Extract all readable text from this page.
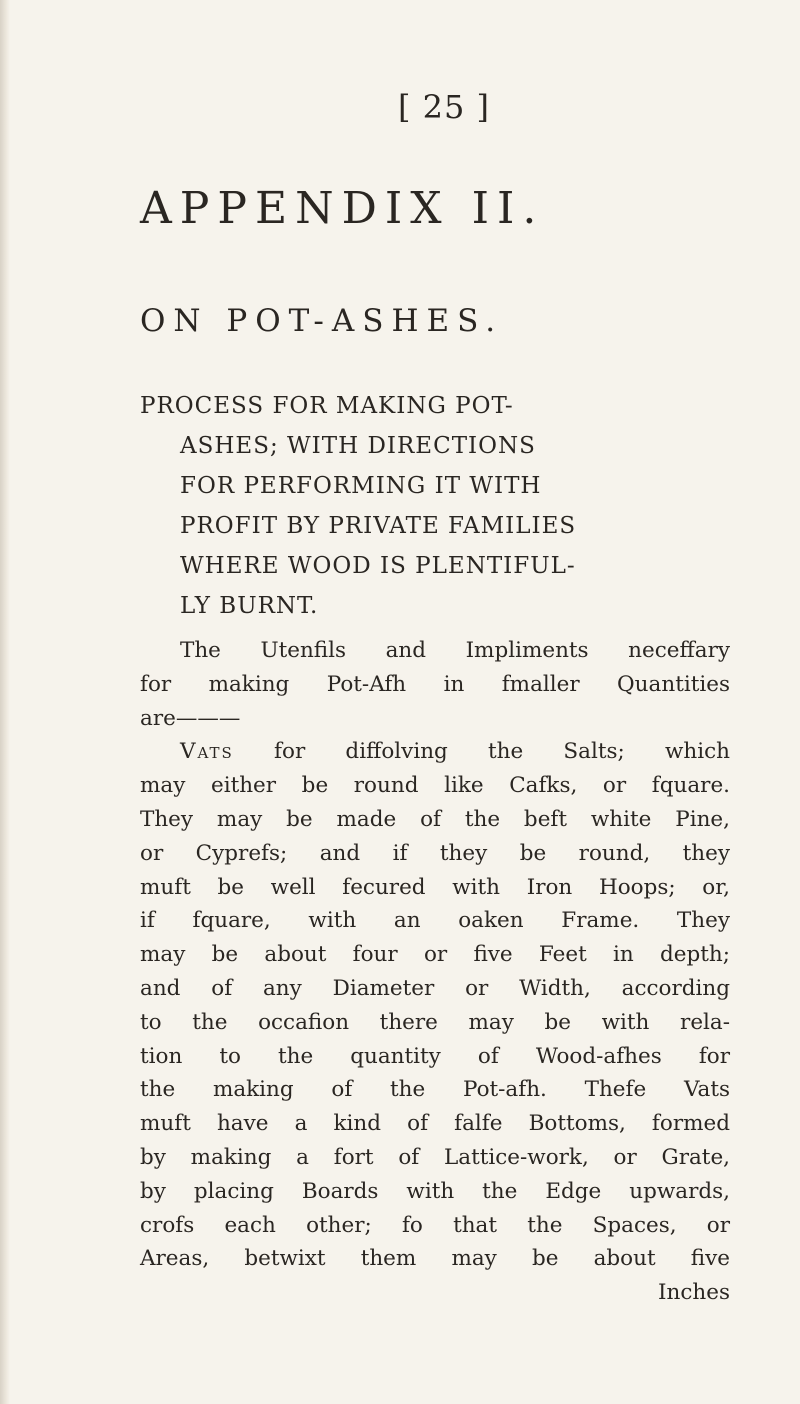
[ 25 ]
APPENDIX II.
ON POT-ASHES.
PROCESS FOR MAKING POT-
ASHES; WITH DIRECTIONS
FOR PERFORMING IT WITH
PROFIT BY PRIVATE FAMILIES
WHERE WOOD IS PLENTIFUL-
LY BURNT.
The Utenfils and Impliments neceffary
for making Pot-Afh in fmaller Quantities
are———
Vats for diffolving the Salts; which
may either be round like Cafks, or fquare.
They may be made of the beft white Pine,
or Cyprefs; and if they be round, they
muft be well fecured with Iron Hoops; or,
if fquare, with an oaken Frame. They
may be about four or five Feet in depth;
and of any Diameter or Width, according
to the occafion there may be with rela-
tion to the quantity of Wood-afhes for
the making of the Pot-afh. Thefe Vats
muft have a kind of falfe Bottoms, formed
by making a fort of Lattice-work, or Grate,
by placing Boards with the Edge upwards,
crofs each other; fo that the Spaces, or
Areas, betwixt them may be about five
Inches
